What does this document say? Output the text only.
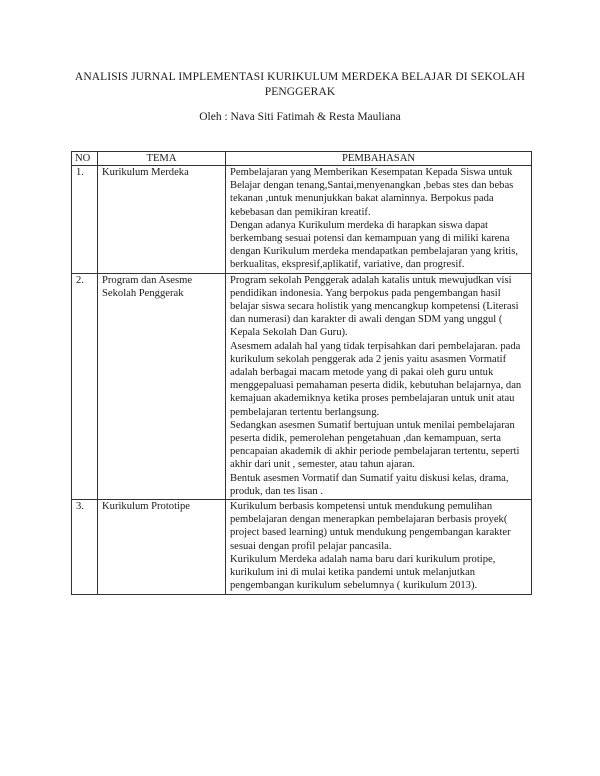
ANALISIS JURNAL IMPLEMENTASI KURIKULUM MERDEKA BELAJAR DI SEKOLAH
PENGGERAK
Oleh : Nava Siti Fatimah & Resta Mauliana
NO	TEMA	PEMBAHASAN
1.	Kurikulum Merdeka	Pembelajaran yang Memberikan Kesempatan Kepada Siswa untuk Belajar dengan tenang,Santai,menyenangkan ,bebas stes dan bebas tekanan ,untuk menunjukkan bakat alaminnya. Berpokus pada kebebasan dan pemikiran kreatif.
Dengan adanya Kurikulum merdeka di harapkan siswa dapat berkembang sesuai potensi dan kemampuan yang di miliki karena dengan Kurikulum merdeka mendapatkan pembelajaran yang kritis, berkualitas, ekspresif,aplikatif, variative, dan progresif.

2.	Program dan Asesme Sekolah Penggerak	Program sekolah Penggerak adalah katalis untuk mewujudkan visi pendidikan indonesia. Yang berpokus pada pengembangan hasil belajar siswa secara holistik yang mencangkup kompetensi (Literasi dan numerasi) dan karakter di awali dengan SDM yang unggul ( Kepala Sekolah Dan Guru).
Asesmem adalah hal yang tidak terpisahkan dari pembelajaran. pada kurikulum sekolah penggerak ada 2 jenis yaitu asasmen Vormatif adalah berbagai macam metode yang di pakai oleh guru untuk menggepaluasi pemahaman peserta didik, kebutuhan belajarnya, dan kemajuan akademiknya ketika proses pembelajaran untuk unit atau pembelajaran tertentu berlangsung.
Sedangkan asesmen Sumatif bertujuan untuk menilai pembelajaran peserta didik, pemerolehan pengetahuan ,dan kemampuan, serta pencapaian akademik di akhir periode pembelajaran tertentu, seperti akhir dari unit , semester, atau tahun ajaran.
Bentuk asesmen Vormatif dan Sumatif yaitu diskusi kelas, drama, produk, dan tes lisan .

3.	Kurikulum Prototipe	Kurikulum berbasis kompetensi untuk mendukung pemulihan pembelajaran dengan menerapkan pembelajaran berbasis proyek( project based learning) untuk mendukung pengembangan karakter sesuai dengan profil pelajar pancasila.
Kurikulum Merdeka adalah nama baru dari kurikulum protipe, kurikulum ini di mulai ketika pandemi untuk melanjutkan pengembangan kurikulum sebelumnya ( kurikulum 2013).
